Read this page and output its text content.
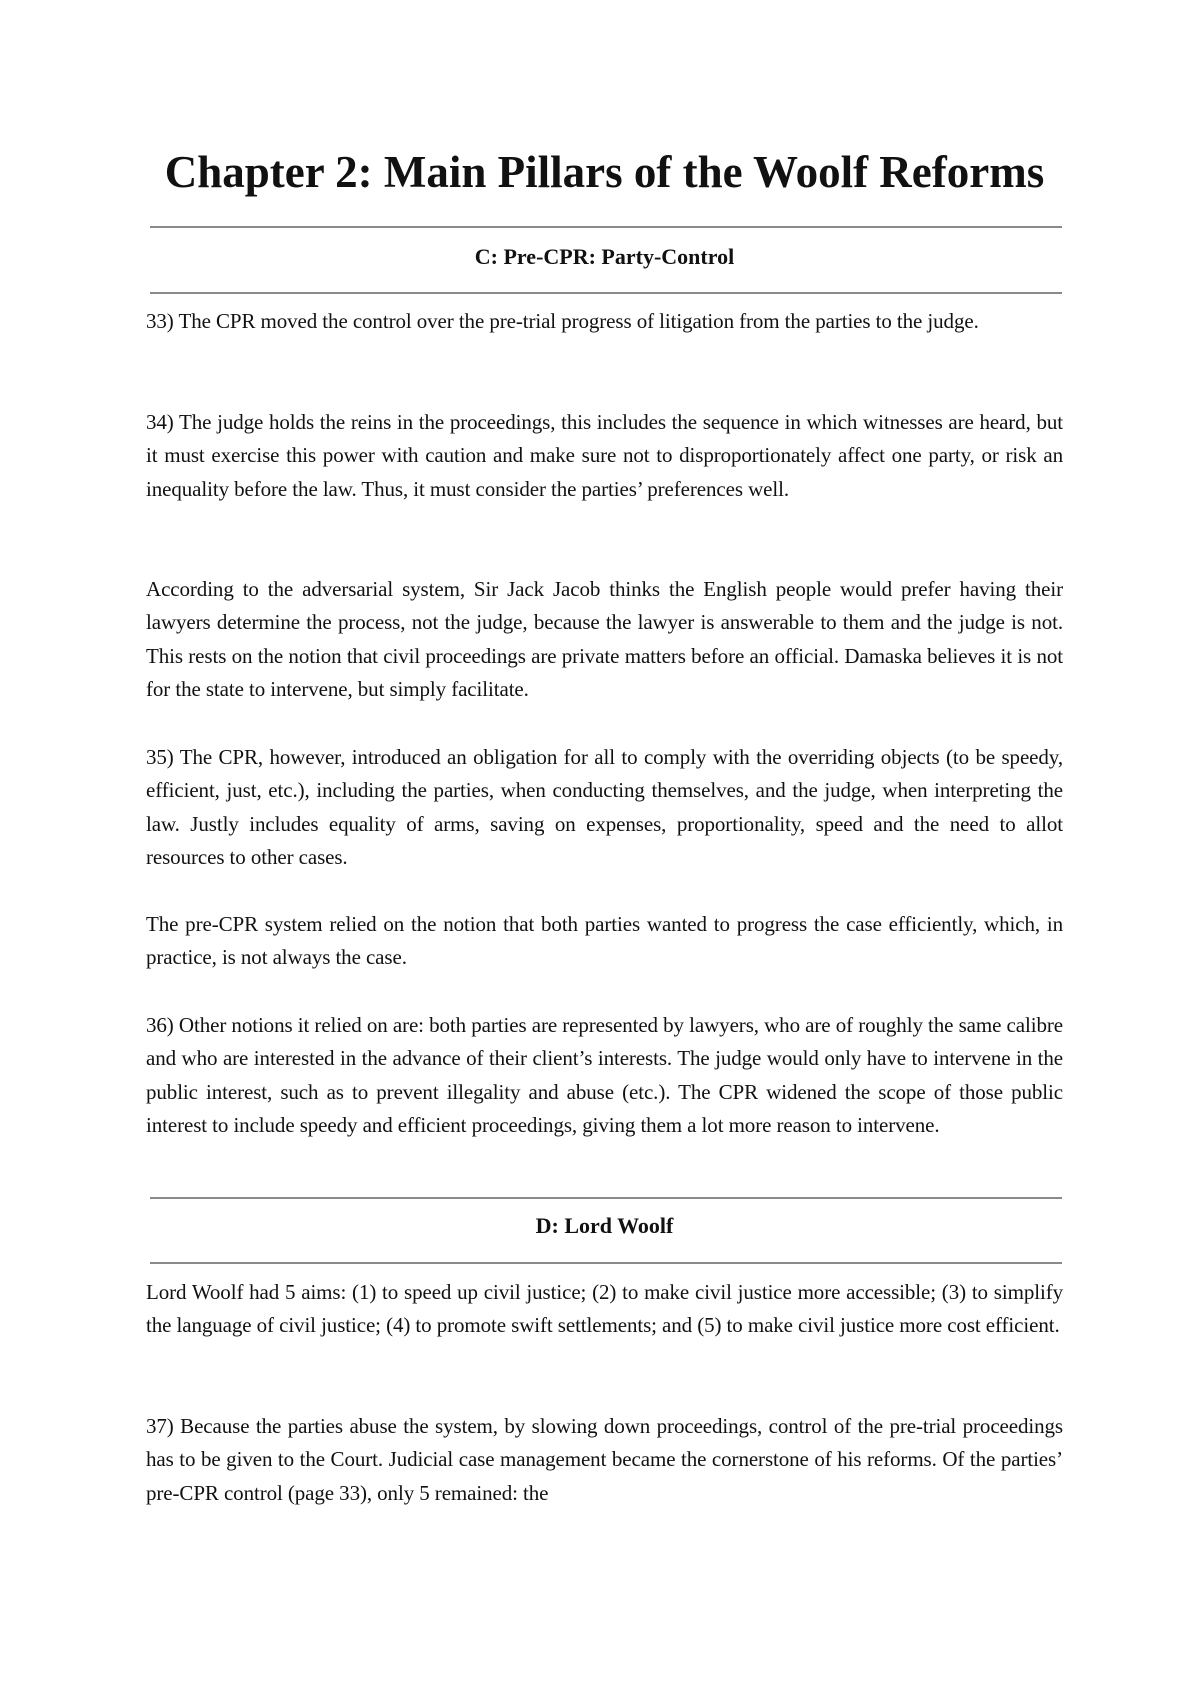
Chapter 2: Main Pillars of the Woolf Reforms
C: Pre-CPR: Party-Control

33) The CPR moved the control over the pre-trial progress of litigation from the parties to the judge.

34) The judge holds the reins in the proceedings, this includes the sequence in which witnesses are heard, but it must exercise this power with caution and make sure not to disproportionately affect one party, or risk an inequality before the law. Thus, it must consider the parties’ preferences well.

According to the adversarial system, Sir Jack Jacob thinks the English people would prefer having their lawyers determine the process, not the judge, because the lawyer is answerable to them and the judge is not. This rests on the notion that civil proceedings are private matters before an official. Damaska believes it is not for the state to intervene, but simply facilitate.

35) The CPR, however, introduced an obligation for all to comply with the overriding objects (to be speedy, efficient, just, etc.), including the parties, when conducting themselves, and the judge, when interpreting the law. Justly includes equality of arms, saving on expenses, proportionality, speed and the need to allot resources to other cases.

The pre-CPR system relied on the notion that both parties wanted to progress the case efficiently, which, in practice, is not always the case.

36) Other notions it relied on are: both parties are represented by lawyers, who are of roughly the same calibre and who are interested in the advance of their client’s interests. The judge would only have to intervene in the public interest, such as to prevent illegality and abuse (etc.). The CPR widened the scope of those public interest to include speedy and efficient proceedings, giving them a lot more reason to intervene.

D: Lord Woolf

Lord Woolf had 5 aims: (1) to speed up civil justice; (2) to make civil justice more accessible; (3) to simplify the language of civil justice; (4) to promote swift settlements; and (5) to make civil justice more cost efficient.

37) Because the parties abuse the system, by slowing down proceedings, control of the pre-trial proceedings has to be given to the Court. Judicial case management became the cornerstone of his reforms. Of the parties’ pre-CPR control (page 33), only 5 remained: the
